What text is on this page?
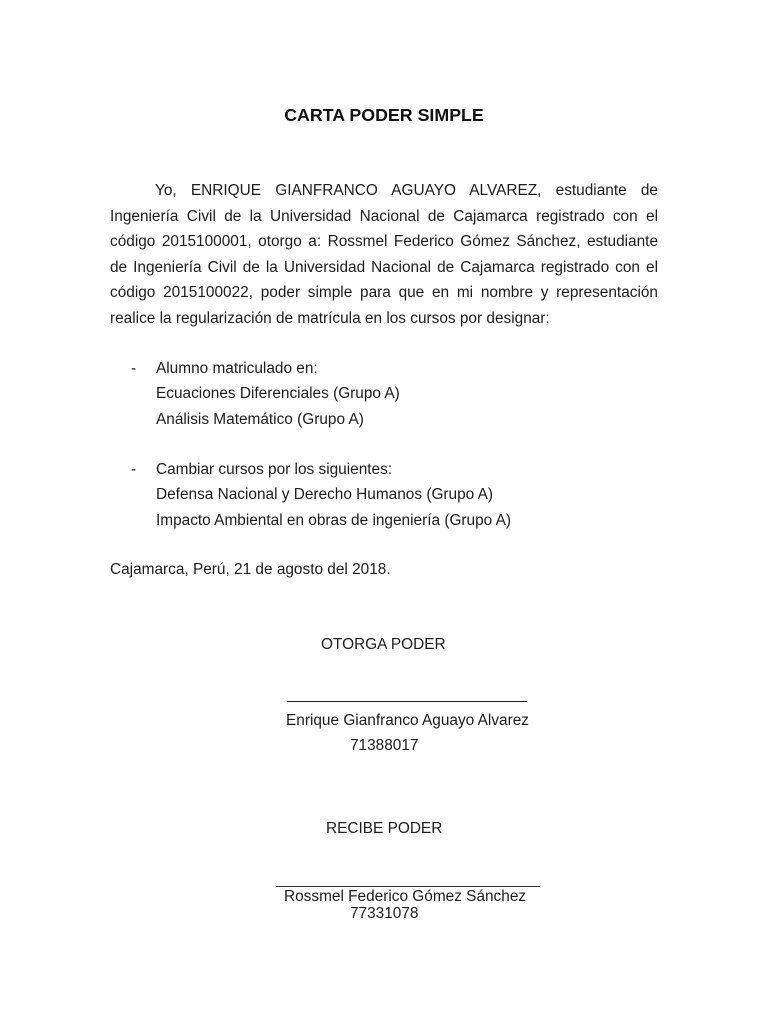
CARTA PODER SIMPLE
Yo, ENRIQUE GIANFRANCO AGUAYO ALVAREZ, estudiante de
Ingeniería Civil de la Universidad Nacional de Cajamarca registrado con el
código 2015100001, otorgo a: Rossmel Federico Gómez Sánchez, estudiante
de Ingeniería Civil de la Universidad Nacional de Cajamarca registrado con el
código 2015100022, poder simple para que en mi nombre y representación
realice la regularización de matrícula en los cursos por designar:
- Alumno matriculado en:
Ecuaciones Diferenciales (Grupo A)
Análisis Matemático (Grupo A)
- Cambiar cursos por los siguientes:
Defensa Nacional y Derecho Humanos (Grupo A)
Impacto Ambiental en obras de ingeniería (Grupo A)
Cajamarca, Perú, 21 de agosto del 2018.
OTORGA PODER
____________________________
Enrique Gianfranco Aguayo Alvarez
71388017
RECIBE PODER
Rossmel Federico Gómez Sánchez
77331078
